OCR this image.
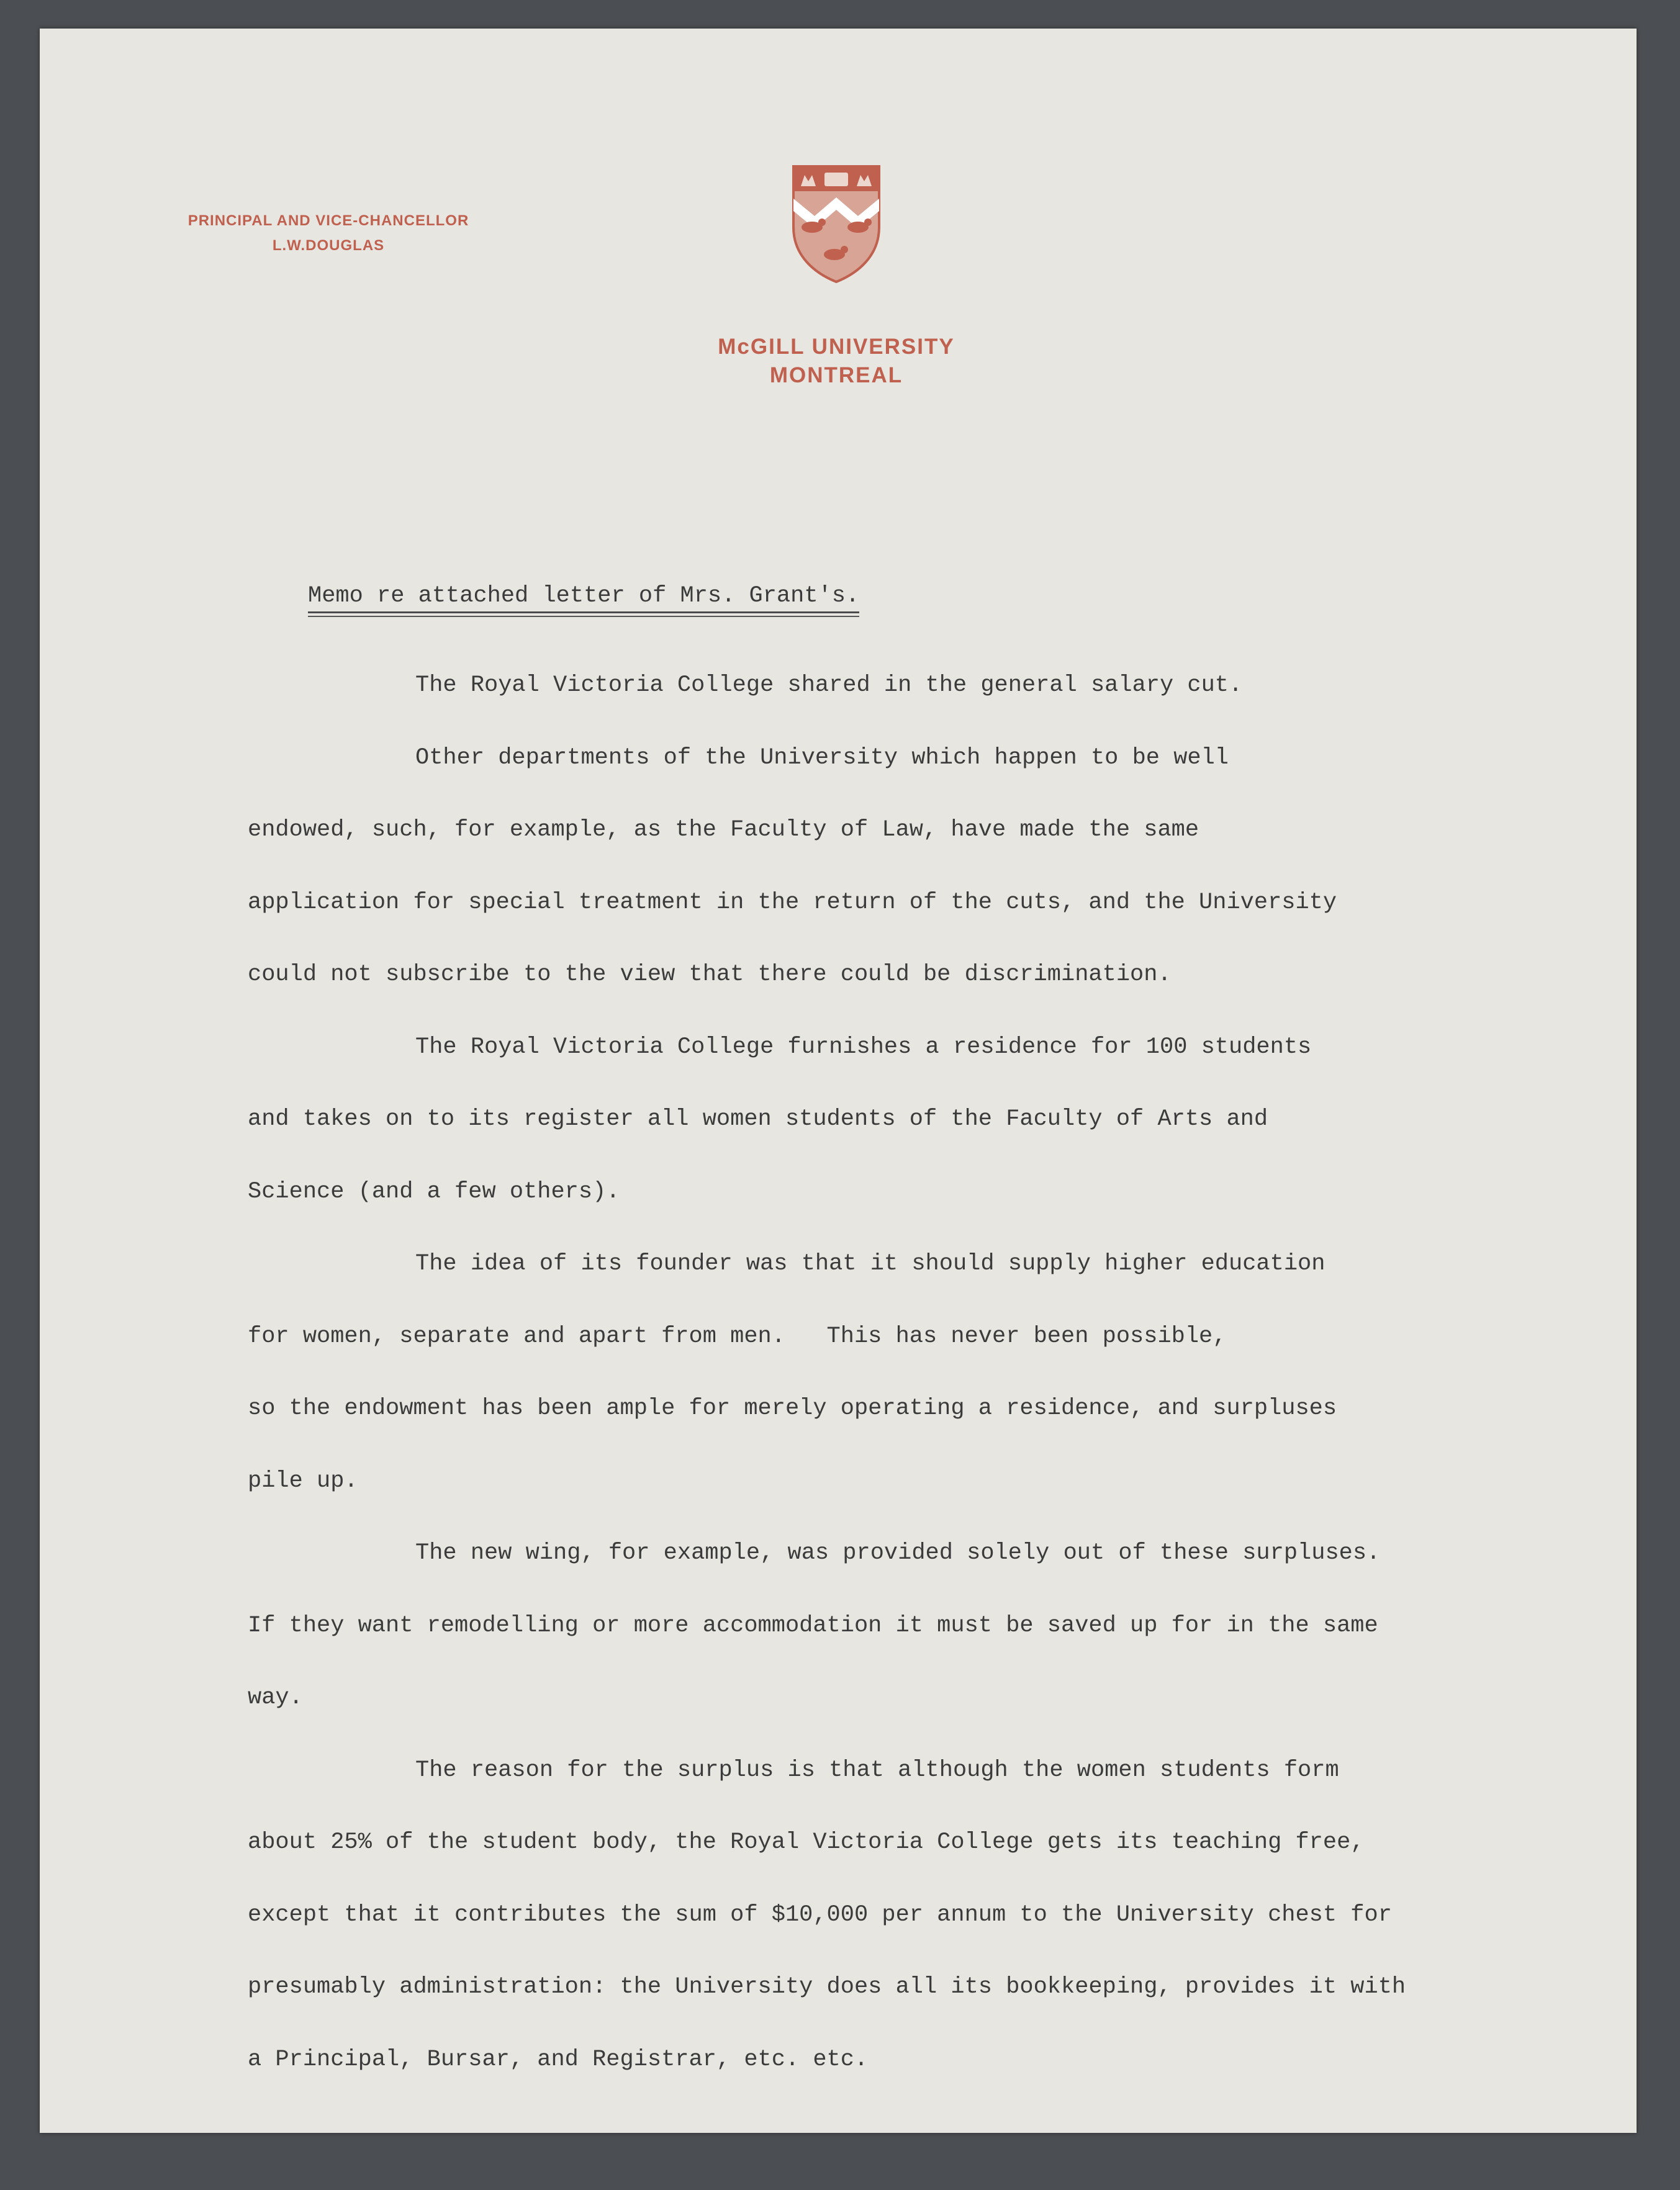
PRINCIPAL AND VICE-CHANCELLOR
L.W.DOUGLAS
McGILL UNIVERSITY
MONTREAL
Memo re attached letter of Mrs. Grant's.

The Royal Victoria College shared in the general salary cut.

Other departments of the University which happen to be well

endowed, such, for example, as the Faculty of Law, have made the same

application for special treatment in the return of the cuts, and the University

could not subscribe to the view that there could be discrimination.

The Royal Victoria College furnishes a residence for 100 students

and takes on to its register all women students of the Faculty of Arts and

Science (and a few others).

The idea of its founder was that it should supply higher education

for women, separate and apart from men.   This has never been possible,

so the endowment has been ample for merely operating a residence, and surpluses

pile up.

The new wing, for example, was provided solely out of these surpluses.

If they want remodelling or more accommodation it must be saved up for in the same

way.

The reason for the surplus is that although the women students form

about 25% of the student body, the Royal Victoria College gets its teaching free,

except that it contributes the sum of $10,000 per annum to the University chest for

presumably administration: the University does all its bookkeeping, provides it with

a Principal, Bursar, and Registrar, etc. etc.
